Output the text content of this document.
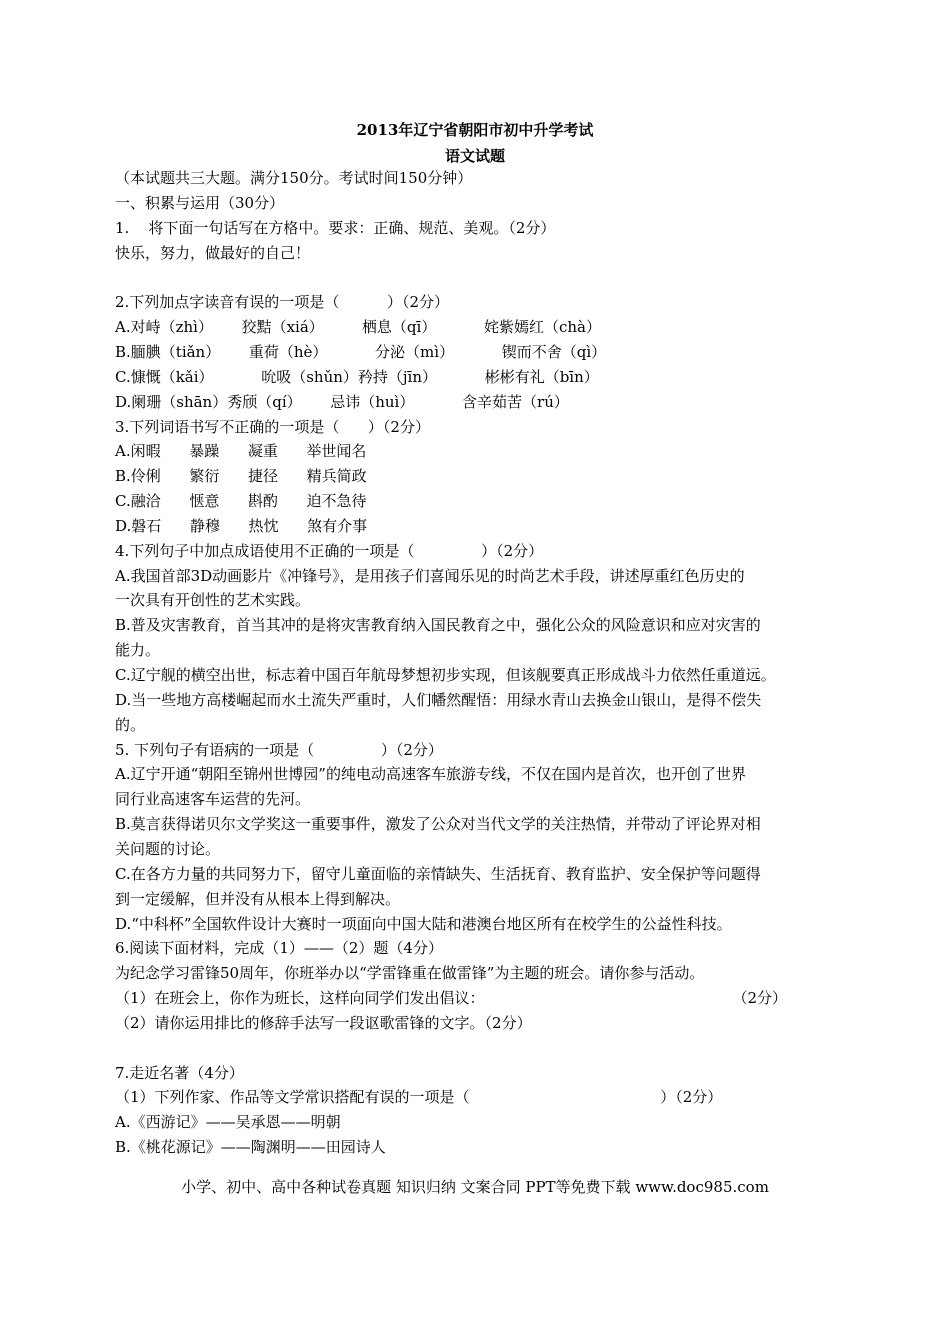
2013年辽宁省朝阳市初中升学考试
语文试题
（本试题共三大题。满分150分。考试时间150分钟）
一、积累与运用（30分）
1.    将下面一句话写在方格中。要求：正确、规范、美观。（2分）
快乐，努力，做最好的自己！
2.下列加点字读音有误的一项是（          ）（2分）
A.对峙（zhì）      狡黠（xiá）        栖息（qī）          姹紫嫣红（chà）
B.腼腆（tiǎn）      重荷（hè）          分泌（mì）          锲而不舍（qì）
C.慷慨（kǎi）          吮吸（shǔn）矜持（jīn）          彬彬有礼（bīn）
D.阑珊（shān）秀颀（qí）      忌讳（huì）          含辛茹苦（rú）
3.下列词语书写不正确的一项是（      ）（2分）
A.闲暇      暴躁      凝重      举世闻名
B.伶俐      繁衍      捷径      精兵简政
C.融洽      惬意      斟酌      迫不急待
D.磐石      静穆      热忱      煞有介事
4.下列句子中加点成语使用不正确的一项是（              ）（2分）
A.我国首部3D动画影片《冲锋号》，是用孩子们喜闻乐见的时尚艺术手段，讲述厚重红色历史的
一次具有开创性的艺术实践。
B.普及灾害教育，首当其冲的是将灾害教育纳入国民教育之中，强化公众的风险意识和应对灾害的
能力。
C.辽宁舰的横空出世，标志着中国百年航母梦想初步实现，但该舰要真正形成战斗力依然任重道远。
D.当一些地方高楼崛起而水土流失严重时，人们幡然醒悟：用绿水青山去换金山银山，是得不偿失
的。
5. 下列句子有语病的一项是（              ）（2分）
A.辽宁开通“朝阳至锦州世博园”的纯电动高速客车旅游专线，不仅在国内是首次，也开创了世界
同行业高速客车运营的先河。
B.莫言获得诺贝尔文学奖这一重要事件，激发了公众对当代文学的关注热情，并带动了评论界对相
关问题的讨论。
C.在各方力量的共同努力下，留守儿童面临的亲情缺失、生活抚育、教育监护、安全保护等问题得
到一定缓解，但并没有从根本上得到解决。
D.“中科杯”全国软件设计大赛时一项面向中国大陆和港澳台地区所有在校学生的公益性科技。
6.阅读下面材料，完成（1）——（2）题（4分）
为纪念学习雷锋50周年，你班举办以“学雷锋重在做雷锋”为主题的班会。请你参与活动。
（1）在班会上，你作为班长，这样向同学们发出倡议：                                                    （2分）
（2）请你运用排比的修辞手法写一段讴歌雷锋的文字。（2分）
7.走近名著（4分）
（1）下列作家、作品等文学常识搭配有误的一项是（                                        ）（2分）
A.《西游记》——吴承恩——明朝
B.《桃花源记》——陶渊明——田园诗人
小学、初中、高中各种试卷真题 知识归纳 文案合同 PPT等免费下载 www.doc985.com
